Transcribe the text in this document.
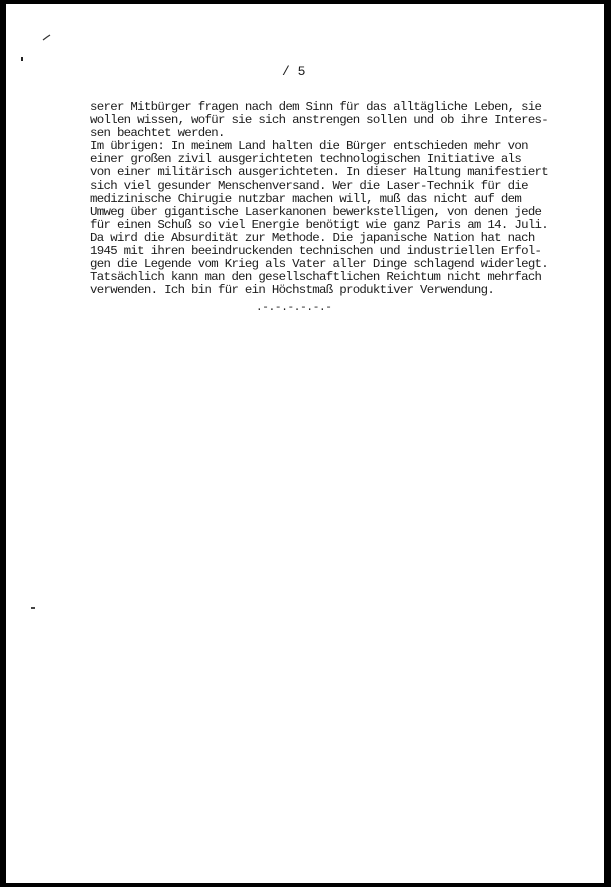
/ 5
serer Mitbürger fragen nach dem Sinn für das alltägliche Leben, sie
wollen wissen, wofür sie sich anstrengen sollen und ob ihre Interes-
sen beachtet werden.
Im übrigen: In meinem Land halten die Bürger entschieden mehr von
einer großen zivil ausgerichteten technologischen Initiative als
von einer militärisch ausgerichteten. In dieser Haltung manifestiert
sich viel gesunder Menschenversand. Wer die Laser-Technik für die
medizinische Chirugie nutzbar machen will, muß das nicht auf dem
Umweg über gigantische Laserkanonen bewerkstelligen, von denen jede
für einen Schuß so viel Energie benötigt wie ganz Paris am 14. Juli.
Da wird die Absurdität zur Methode. Die japanische Nation hat nach
1945 mit ihren beeindruckenden technischen und industriellen Erfol-
gen die Legende vom Krieg als Vater aller Dinge schlagend widerlegt.
Tatsächlich kann man den gesellschaftlichen Reichtum nicht mehrfach
verwenden. Ich bin für ein Höchstmaß produktiver Verwendung.
.-.-.-.-.-.-
